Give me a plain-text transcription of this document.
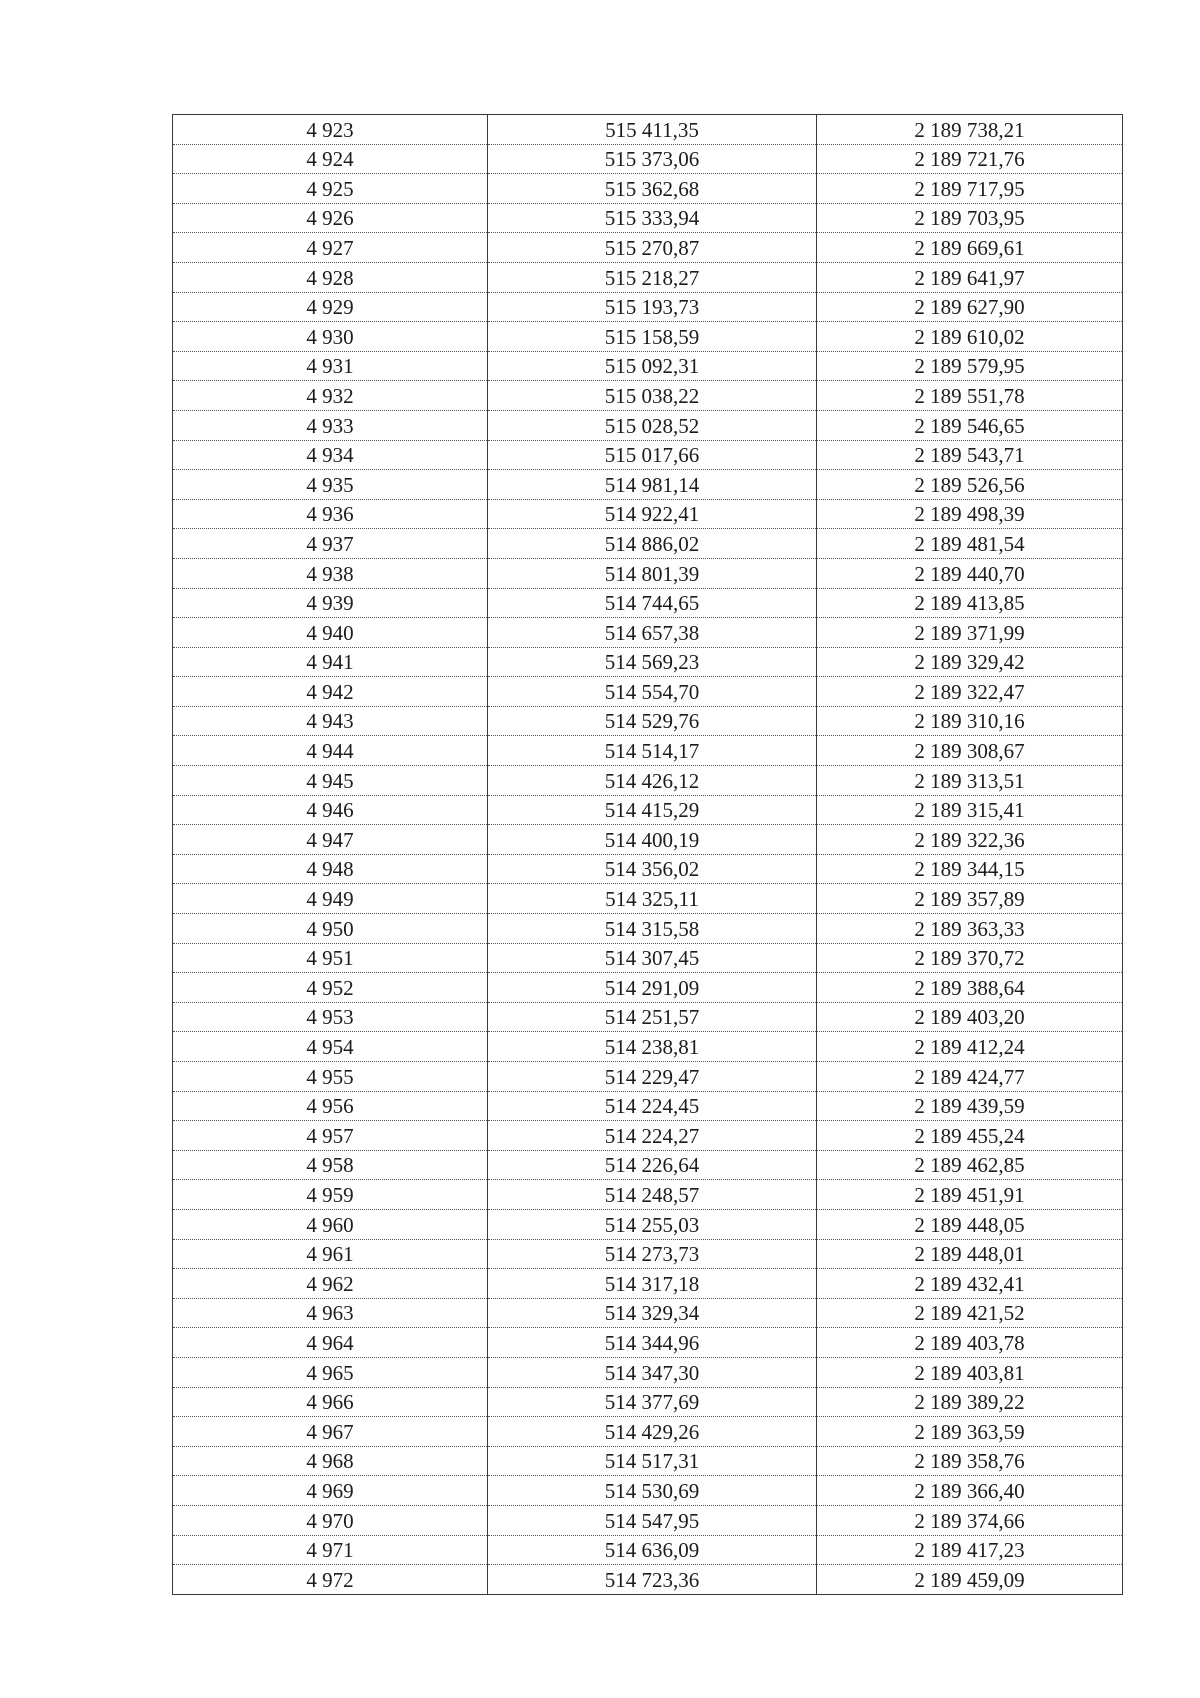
4 923	515 411,35	2 189 738,21
4 924	515 373,06	2 189 721,76
4 925	515 362,68	2 189 717,95
4 926	515 333,94	2 189 703,95
4 927	515 270,87	2 189 669,61
4 928	515 218,27	2 189 641,97
4 929	515 193,73	2 189 627,90
4 930	515 158,59	2 189 610,02
4 931	515 092,31	2 189 579,95
4 932	515 038,22	2 189 551,78
4 933	515 028,52	2 189 546,65
4 934	515 017,66	2 189 543,71
4 935	514 981,14	2 189 526,56
4 936	514 922,41	2 189 498,39
4 937	514 886,02	2 189 481,54
4 938	514 801,39	2 189 440,70
4 939	514 744,65	2 189 413,85
4 940	514 657,38	2 189 371,99
4 941	514 569,23	2 189 329,42
4 942	514 554,70	2 189 322,47
4 943	514 529,76	2 189 310,16
4 944	514 514,17	2 189 308,67
4 945	514 426,12	2 189 313,51
4 946	514 415,29	2 189 315,41
4 947	514 400,19	2 189 322,36
4 948	514 356,02	2 189 344,15
4 949	514 325,11	2 189 357,89
4 950	514 315,58	2 189 363,33
4 951	514 307,45	2 189 370,72
4 952	514 291,09	2 189 388,64
4 953	514 251,57	2 189 403,20
4 954	514 238,81	2 189 412,24
4 955	514 229,47	2 189 424,77
4 956	514 224,45	2 189 439,59
4 957	514 224,27	2 189 455,24
4 958	514 226,64	2 189 462,85
4 959	514 248,57	2 189 451,91
4 960	514 255,03	2 189 448,05
4 961	514 273,73	2 189 448,01
4 962	514 317,18	2 189 432,41
4 963	514 329,34	2 189 421,52
4 964	514 344,96	2 189 403,78
4 965	514 347,30	2 189 403,81
4 966	514 377,69	2 189 389,22
4 967	514 429,26	2 189 363,59
4 968	514 517,31	2 189 358,76
4 969	514 530,69	2 189 366,40
4 970	514 547,95	2 189 374,66
4 971	514 636,09	2 189 417,23
4 972	514 723,36	2 189 459,09
